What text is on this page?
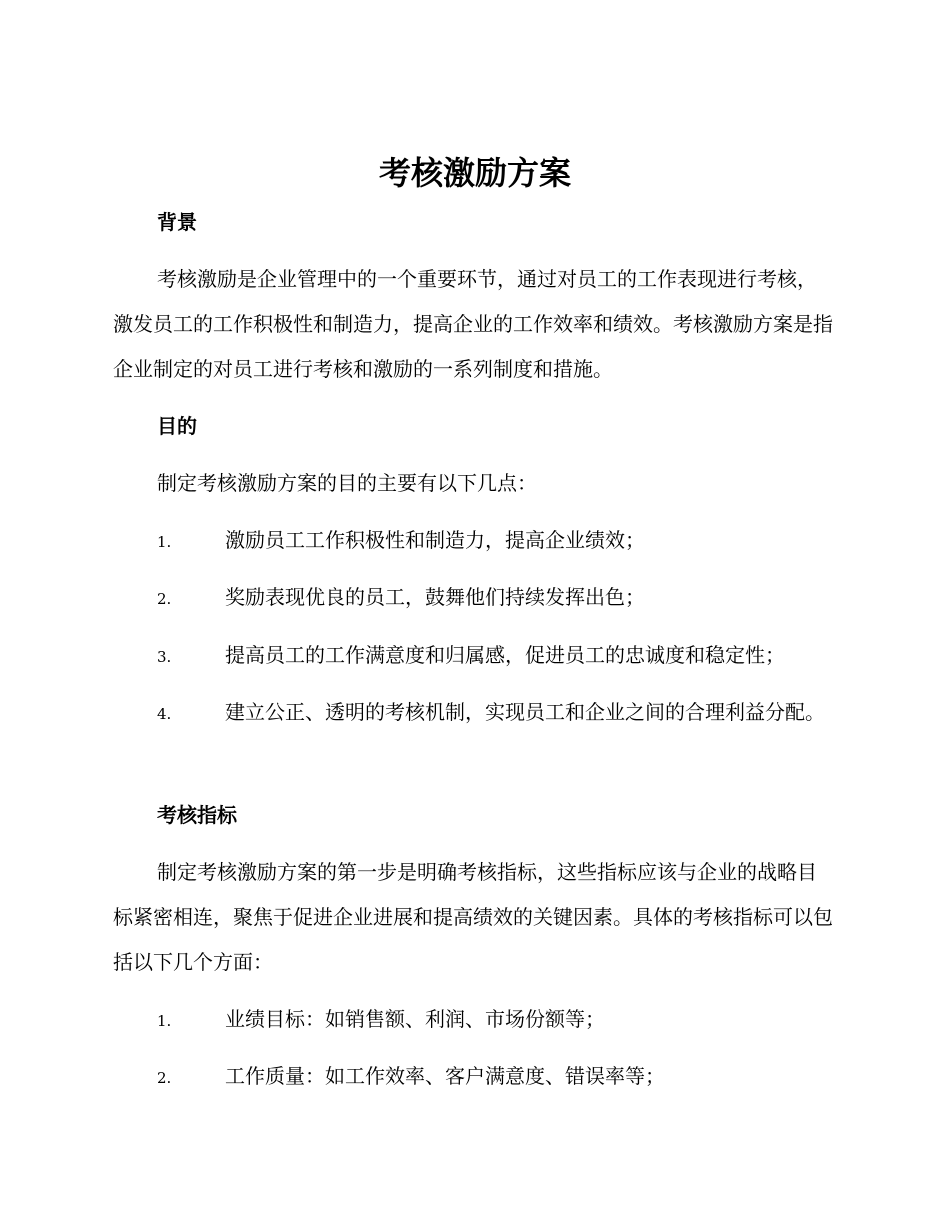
考核激励方案
背景

考核激励是企业管理中的一个重要环节，通过对员工的工作表现进行考核，激发员工的工作积极性和制造力，提高企业的工作效率和绩效。考核激励方案是指企业制定的对员工进行考核和激励的一系列制度和措施。

目的

制定考核激励方案的目的主要有以下几点：

1.	激励员工工作积极性和制造力，提高企业绩效；

2.	奖励表现优良的员工，鼓舞他们持续发挥出色；

3.	提高员工的工作满意度和归属感，促进员工的忠诚度和稳定性；

4.	建立公正、透明的考核机制，实现员工和企业之间的合理利益分配。

考核指标

制定考核激励方案的第一步是明确考核指标，这些指标应该与企业的战略目标紧密相连，聚焦于促进企业进展和提高绩效的关键因素。具体的考核指标可以包括以下几个方面：

1.	业绩目标：如销售额、利润、市场份额等；

2.	工作质量：如工作效率、客户满意度、错误率等；
